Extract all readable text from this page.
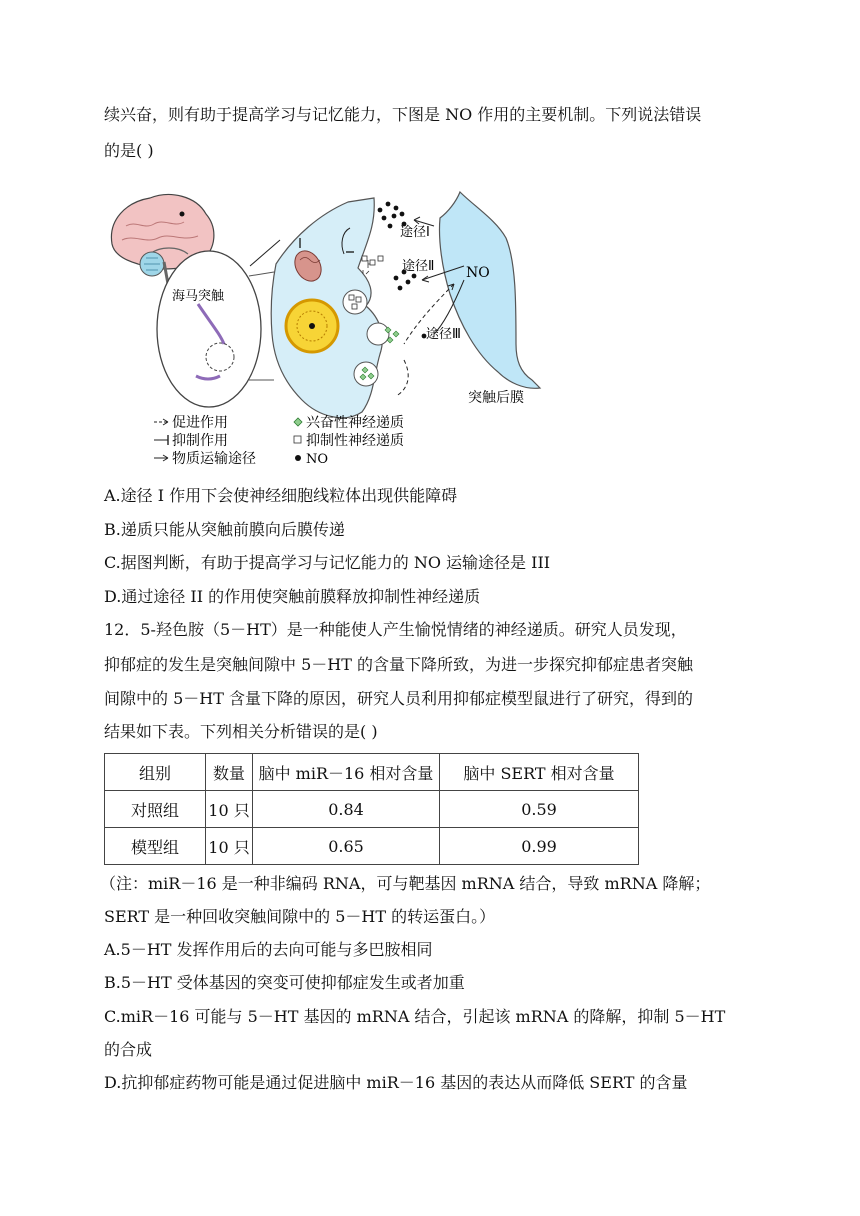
续兴奋，则有助于提高学习与记忆能力，下图是 NO 作用的主要机制。下列说法错误
的是( )
海马突触
突触后膜
途径Ⅰ
途径Ⅱ
途径Ⅲ
NO
促进作用
抑制作用
物质运输途径
兴奋性神经递质
抑制性神经递质
NO
A.途径 I 作用下会使神经细胞线粒体出现供能障碍
B.递质只能从突触前膜向后膜传递
C.据图判断，有助于提高学习与记忆能力的 NO 运输途径是 III
D.通过途径 II 的作用使突触前膜释放抑制性神经递质
12．5-羟色胺（5－HT）是一种能使人产生愉悦情绪的神经递质。研究人员发现，
抑郁症的发生是突触间隙中 5－HT 的含量下降所致，为进一步探究抑郁症患者突触
间隙中的 5－HT 含量下降的原因，研究人员利用抑郁症模型鼠进行了研究，得到的
结果如下表。下列相关分析错误的是( )
组别	数量	脑中 miR－16 相对含量	脑中 SERT 相对含量
对照组	10 只	0.84	0.59
模型组	10 只	0.65	0.99
（注：miR－16 是一种非编码 RNA，可与靶基因 mRNA 结合，导致 mRNA 降解；
SERT 是一种回收突触间隙中的 5－HT 的转运蛋白。）
A.5－HT 发挥作用后的去向可能与多巴胺相同
B.5－HT 受体基因的突变可使抑郁症发生或者加重
C.miR－16 可能与 5－HT 基因的 mRNA 结合，引起该 mRNA 的降解，抑制 5－HT
的合成
D.抗抑郁症药物可能是通过促进脑中 miR－16 基因的表达从而降低 SERT 的含量
